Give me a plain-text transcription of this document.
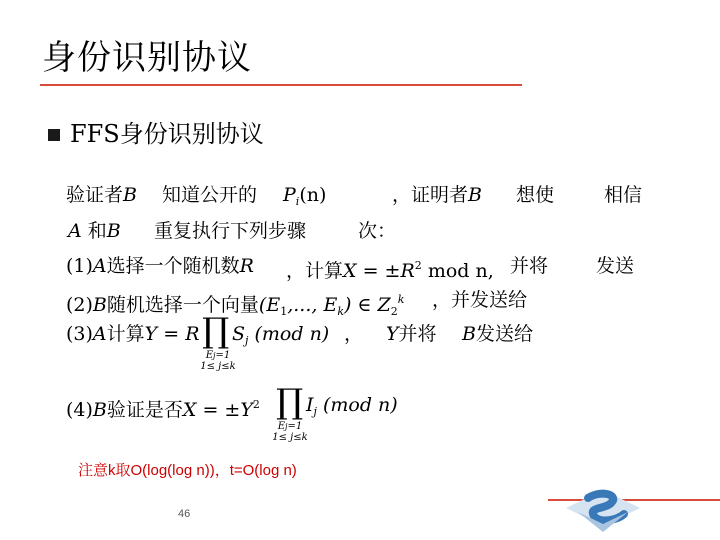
身份识别协议
FFS身份识别协议
验证者B 知道公开的 $P_i(n)$	，证明者B 想使	相信
A 和B 重复执行下列步骤	次：
(1)A选择一个随机数R ，计算$X = \pm R^2$ mod n, 并将	发送
(2)B随机选择一个向量($E_1$,..., $E_k$) ∈ $Z_2^k$ ，并发送给
(3)A计算Y = R ∏ $S_j$ (mod n)
Ej=1
1≤ j≤k
， Y并将 B发送给
(4)B验证是否$X = \pm Y^2$ ∏ $I_j$ (mod n)
Ej=1
1≤ j≤k
注意k取O(log(log n))，t=O(log n)
46
